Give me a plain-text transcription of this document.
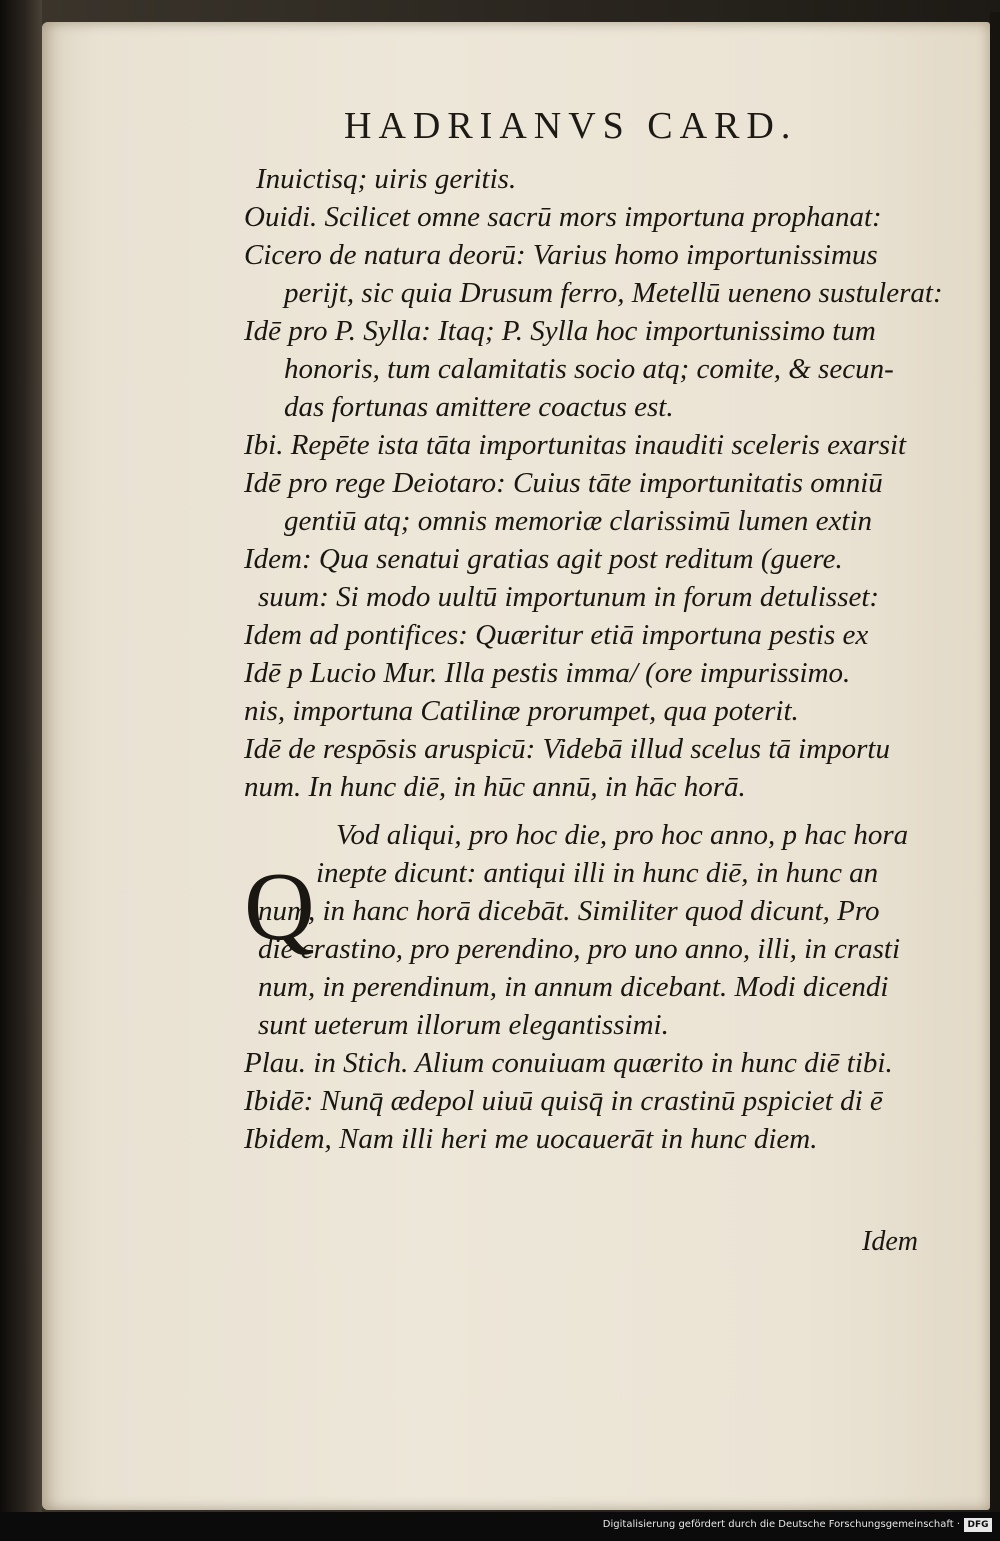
HADRIANVS CARD.
Inuictisq; uiris geritis.
Ouidi. Scilicet omne sacrū mors importuna prophanat:
Cicero de natura deorū: Varius homo importunissimus
perijt, sic quia Drusum ferro, Metellū ueneno sustulerat:
Idē pro P. Sylla: Itaq; P. Sylla hoc importunissimo tum
honoris, tum calamitatis socio atq; comite, & secun-
das fortunas amittere coactus est.
Ibi. Repēte ista tāta importunitas inauditi sceleris exarsit
Idē pro rege Deiotaro: Cuius tāte importunitatis omniū
gentiū atq; omnis memoriæ clarissimū lumen extin
Idem: Qua senatui gratias agit post reditum (guere.
suum: Si modo uultū importunum in forum detulisset:
Idem ad pontifices: Quæritur etiā importuna pestis ex
Idē p Lucio Mur. Illa pestis imma/ (ore impurissimo.
nis, importuna Catilinæ prorumpet, qua poterit.
Idē de respōsis aruspicū: Videbā illud scelus tā importu
num. In hunc diē, in hūc annū, in hāc horā.
Vod aliqui, pro hoc die, pro hoc anno, p hac hora
inepte dicunt: antiqui illi in hunc diē, in hunc an
num, in hanc horā dicebāt. Similiter quod dicunt, Pro
die crastino, pro perendino, pro uno anno, illi, in crasti
num, in perendinum, in annum dicebant. Modi dicendi
sunt ueterum illorum elegantissimi.
Plau. in Stich. Alium conuiuam quærito in hunc diē tibi.
Ibidē: Nunq̄ ædepol uiuū quisq̄ in crastinū pspiciet di ē
Ibidem, Nam illi heri me uocauerāt in hunc diem.
Q
Idem
Digitalisierung gefördert durch die Deutsche Forschungsgemeinschaft · DFG
